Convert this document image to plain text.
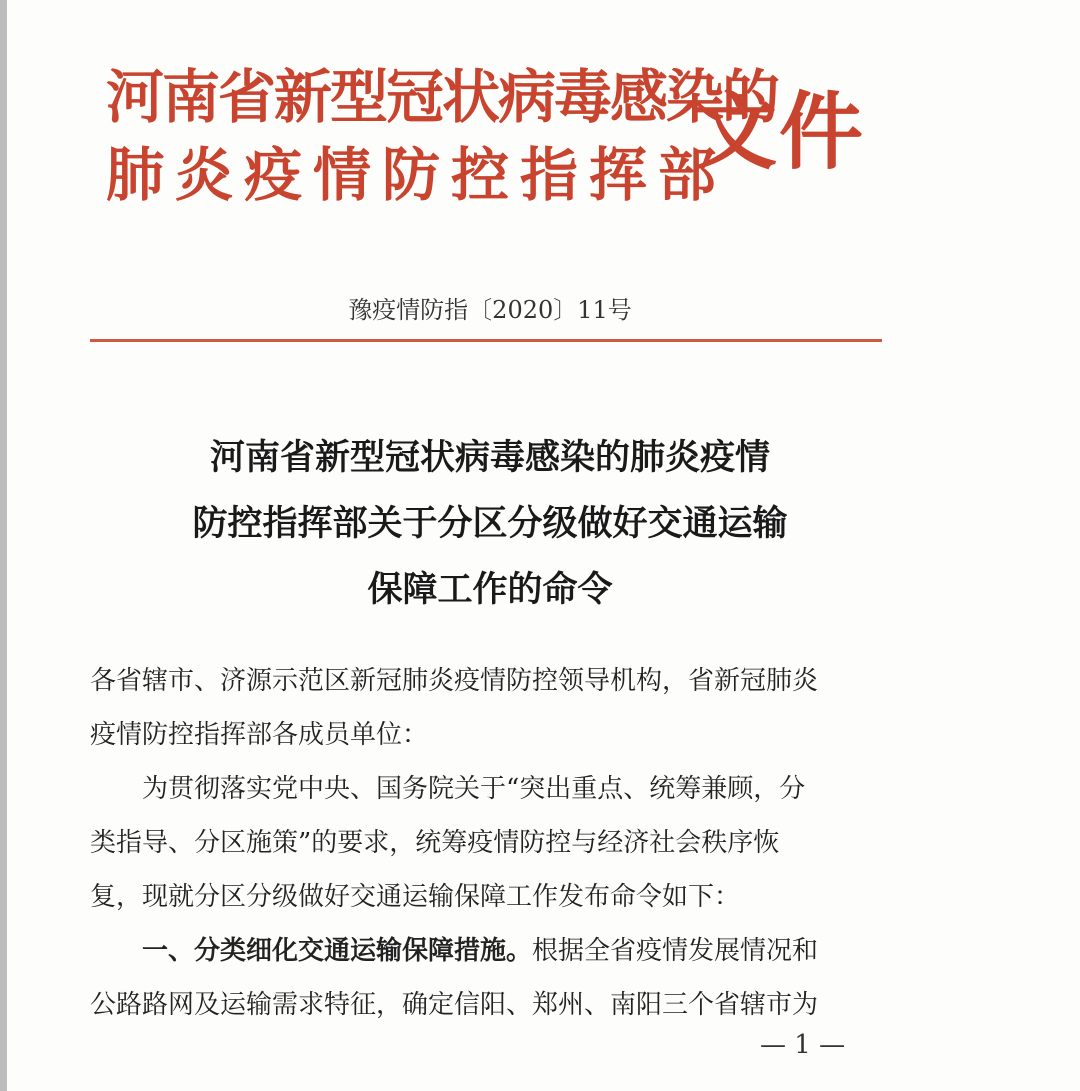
河南省新型冠状病毒感染的
肺炎疫情防控指挥部
文件
豫疫情防指〔2020〕11号
河南省新型冠状病毒感染的肺炎疫情
防控指挥部关于分区分级做好交通运输
保障工作的命令
各省辖市、济源示范区新冠肺炎疫情防控领导机构，省新冠肺炎
疫情防控指挥部各成员单位：
为贯彻落实党中央、国务院关于“突出重点、统筹兼顾，分
类指导、分区施策”的要求，统筹疫情防控与经济社会秩序恢
复，现就分区分级做好交通运输保障工作发布命令如下：
一、分类细化交通运输保障措施。根据全省疫情发展情况和
公路路网及运输需求特征，确定信阳、郑州、南阳三个省辖市为
— 1 —
